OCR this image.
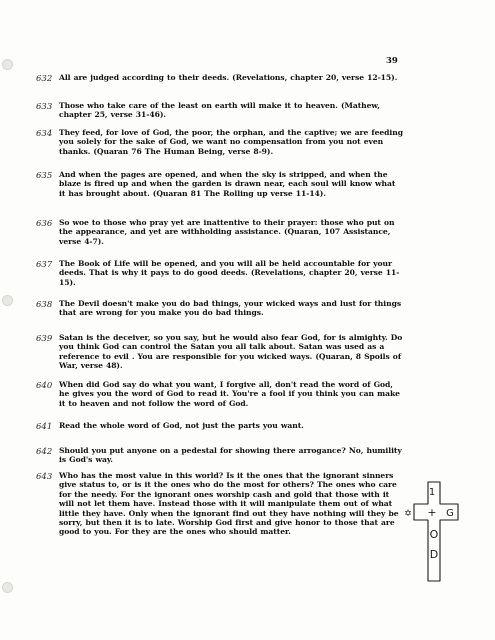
39
632 All are judged according to their deeds. (Revelations, chapter 20, verse 12-15).
633 Those who take care of the least on earth will make it to heaven. (Mathew, chapter 25, verse 31-46).
634 They feed, for love of God, the poor, the orphan, and the captive; we are feeding you solely for the sake of God, we want no compensation from you not even thanks. (Quaran 76 The Human Being, verse 8-9).
635 And when the pages are opened, and when the sky is stripped, and when the blaze is fired up and when the garden is drawn near, each soul will know what it has brought about. (Quaran 81 The Rolling up verse 11-14).
636 So woe to those who pray yet are inattentive to their prayer: those who put on the appearance, and yet are withholding assistance. (Quaran, 107 Assistance, verse 4-7).
637 The Book of Life will be opened, and you will all be held accountable for your deeds. That is why it pays to do good deeds. (Revelations, chapter 20, verse 11-15).
638 The Devil doesn't make you do bad things, your wicked ways and lust for things that are wrong for you make you do bad things.
639 Satan is the deceiver, so you say, but he would also fear God, for is almighty. Do you think God can control the Satan you all talk about. Satan was used as a reference to evil . You are responsible for you wicked ways. (Quaran, 8 Spoils of War, verse 48).
640 When did God say do what you want, I forgive all, don't read the word of God, he gives you the word of God to read it. You're a fool if you think you can make it to heaven and not follow the word of God.
641 Read the whole word of God, not just the parts you want.
642 Should you put anyone on a pedestal for showing there arrogance? No, humility is God's way.
643 Who has the most value in this world? Is it the ones that the ignorant sinners give status to, or is it the ones who do the most for others? The ones who care for the needy. For the ignorant ones worship cash and gold that those with it will not let them have. Instead those with it will manipulate them out of what little they have. Only when the ignorant find out they have nothing will they be sorry, but then it is to late. Worship God first and give honor to those that are good to you. For they are the ones who should matter.
1
+ G
O
D
✡
